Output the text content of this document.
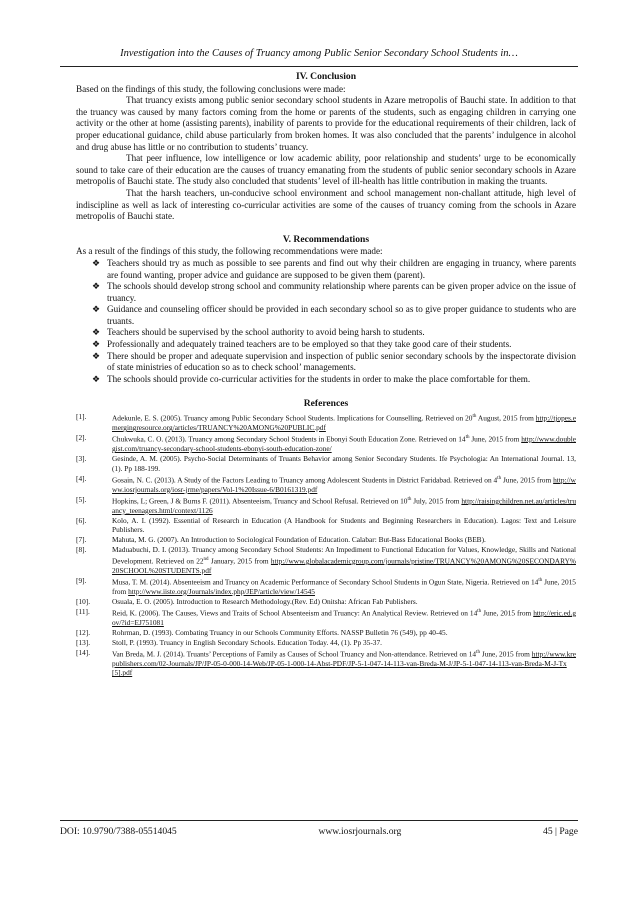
Investigation into the Causes of Truancy among Public Senior Secondary School Students in…
IV. Conclusion

Based on the findings of this study, the following conclusions were made:

That truancy exists among public senior secondary school students in Azare metropolis of Bauchi state. In addition to that the truancy was caused by many factors coming from the home or parents of the students, such as engaging children in carrying one activity or the other at home (assisting parents), inability of parents to provide for the educational requirements of their children, lack of proper educational guidance, child abuse particularly from broken homes. It was also concluded that the parents’ indulgence in alcohol and drug abuse has little or no contribution to students’ truancy.

That peer influence, low intelligence or low academic ability, poor relationship and students’ urge to be economically sound to take care of their education are the causes of truancy emanating from the students of public senior secondary schools in Azare metropolis of Bauchi state. The study also concluded that students’ level of ill-health has little contribution in making the truants.

That the harsh teachers, un-conducive school environment and school management non-challant attitude, high level of indiscipline as well as lack of interesting co-curricular activities are some of the causes of truancy coming from the schools in Azare metropolis of Bauchi state.

V. Recommendations

As a result of the findings of this study, the following recommendations were made:

❖ Teachers should try as much as possible to see parents and find out why their children are engaging in truancy, where parents are found wanting, proper advice and guidance are supposed to be given them (parent).
❖ The schools should develop strong school and community relationship where parents can be given proper advice on the issue of truancy.
❖ Guidance and counseling officer should be provided in each secondary school so as to give proper guidance to students who are truants.
❖ Teachers should be supervised by the school authority to avoid being harsh to students.
❖ Professionally and adequately trained teachers are to be employed so that they take good care of their students.
❖ There should be proper and adequate supervision and inspection of public senior secondary schools by the inspectorate division of state ministries of education so as to check school’ managements.
❖ The schools should provide co-curricular activities for the students in order to make the place comfortable for them.
References
[1].	Adekunle, E. S. (2005). Truancy among Public Secondary School Students. Implications for Counselling. Retrieved on 20th August, 2015 from http://tjopes.emergingresource.org/articles/TRUANCY%20AMONG%20PUBLIC.pdf
[2].	Chukwuka, C. O. (2013). Truancy among Secondary School Students in Ebonyi South Education Zone. Retrieved on 14th June, 2015 from http://www.doublegist.com/truancy-secondary-school-students-ebonyi-south-education-zone/
[3].	Gesinde, A. M. (2005). Psycho-Social Determinants of Truants Behavior among Senior Secondary Students. Ife Psychologia: An International Journal. 13, (1). Pp 188-199.
[4].	Gosain, N. C. (2013). A Study of the Factors Leading to Truancy among Adolescent Students in District Faridabad. Retrieved on 4th June, 2015 from http://www.iosrjournals.org/iosr-jrme/papers/Vol-1%20Issue-6/B0161319.pdf
[5].	Hopkins, L; Green, J & Burns F. (2011). Absenteeism, Truancy and School Refusal. Retrieved on 10th July, 2015 from http://raisingchildren.net.au/articles/truancy_teenagers.html/context/1126
[6].	Kolo, A. I. (1992). Essential of Research in Education (A Handbook for Students and Beginning Researchers in Education). Lagos: Text and Leisure Publishers.
[7].	Mahuta, M. G. (2007). An Introduction to Sociological Foundation of Education. Calabar: But-Bass Educational Books (BEB).
[8].	Maduabuchi, D. I. (2013). Truancy among Secondary School Students: An Impediment to Functional Education for Values, Knowledge, Skills and National Development. Retrieved on 22nd January, 2015 from http://www.globalacademicgroup.com/journals/pristine/TRUANCY%20AMONG%20SECONDARY%20SCHOOL%20STUDENTS.pdf
[9].	Musa, T. M. (2014). Absenteeism and Truancy on Academic Performance of Secondary School Students in Ogun State, Nigeria. Retrieved on 14th June, 2015 from http://www.iiste.org/Journals/index.php/JEP/article/view/14545
[10].	Osuala, E. O. (2005). Introduction to Research Methodology.(Rev. Ed) Onitsha: African Fab Publishers.
[11].	Reid, K. (2006). The Causes, Views and Traits of School Absenteeism and Truancy: An Analytical Review. Retrieved on 14th June, 2015 from http://eric.ed.gov/?id=EJ751081
[12].	Rohrman, D. (1993). Combating Truancy in our Schools Community Efforts. NASSP Bulletin 76 (549), pp 40-45.
[13].	Stoll, P. (1993). Truancy in English Secondary Schools. Education Today. 44, (1). Pp 35-37.
[14].	Van Breda, M. J. (2014). Truants’ Perceptions of Family as Causes of School Truancy and Non-attendance. Retrieved on 14th June, 2015 from http://www.krepublishers.com/02-Journals/JP/JP-05-0-000-14-Web/JP-05-1-000-14-Abst-PDF/JP-5-1-047-14-113-van-Breda-M-J/JP-5-1-047-14-113-van-Breda-M-J-Tx[5].pdf
DOI: 10.9790/7388-05514045	www.iosrjournals.org	45 | Page
